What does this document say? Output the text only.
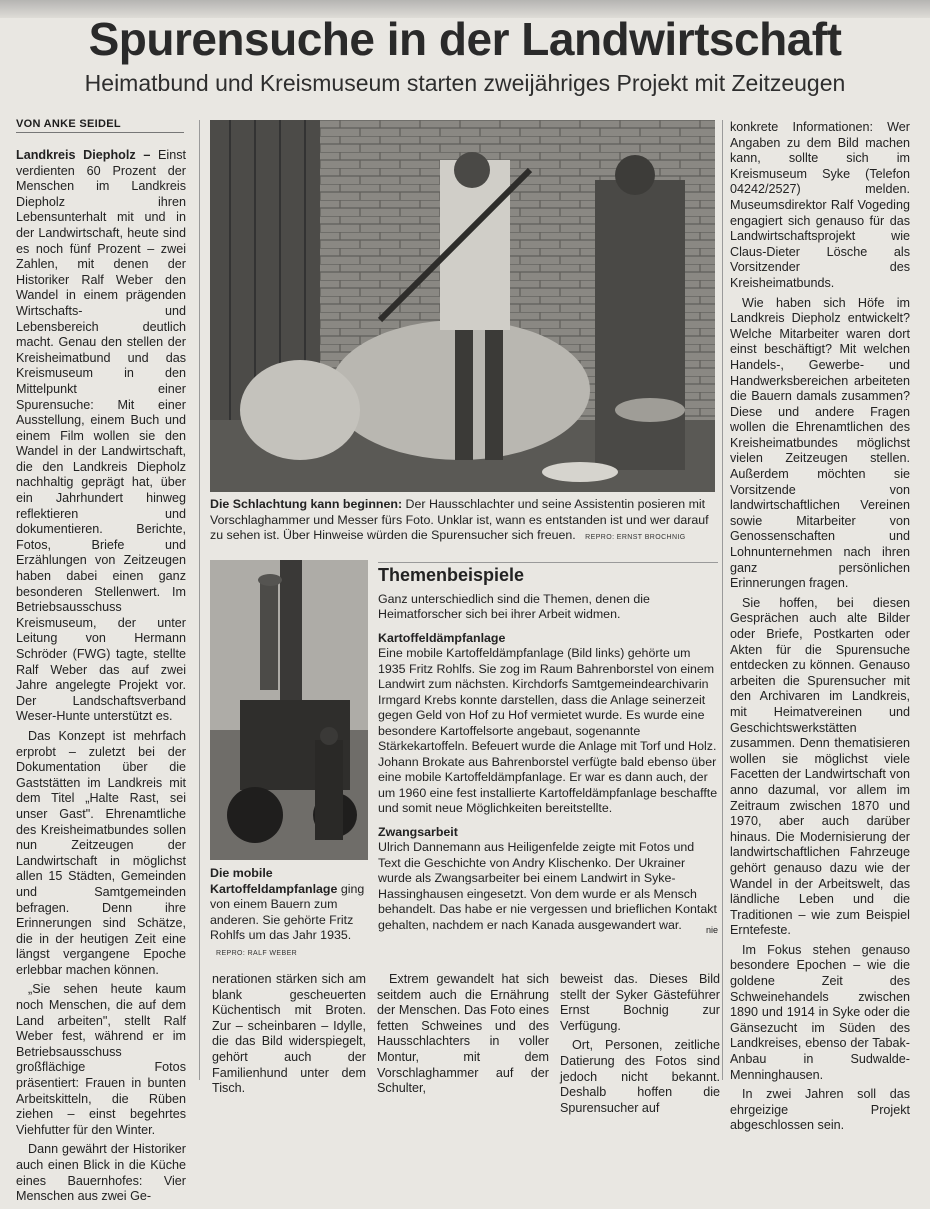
Spurensuche in der Landwirtschaft
Heimatbund und Kreismuseum starten zweijähriges Projekt mit Zeitzeugen
VON ANKE SEIDEL

Landkreis Diepholz – Einst verdienten 60 Prozent der Menschen im Landkreis Diepholz ihren Lebensunterhalt mit und in der Landwirtschaft, heute sind es noch fünf Prozent – zwei Zahlen, mit denen der Historiker Ralf Weber den Wandel in einem prägenden Wirtschafts- und Lebensbereich deutlich macht. Genau den stellen der Kreisheimatbund und das Kreismuseum in den Mittelpunkt einer Spurensuche: Mit einer Ausstellung, einem Buch und einem Film wollen sie den Wandel in der Landwirtschaft, die den Landkreis Diepholz nachhaltig geprägt hat, über ein Jahrhundert hinweg reflektieren und dokumentieren. Berichte, Fotos, Briefe und Erzählungen von Zeitzeugen haben dabei einen ganz besonderen Stellenwert. Im Betriebsausschuss Kreismuseum, der unter Leitung von Hermann Schröder (FWG) tagte, stellte Ralf Weber das auf zwei Jahre angelegte Projekt vor. Der Landschaftsverband Weser-Hunte unterstützt es.

Das Konzept ist mehrfach erprobt – zuletzt bei der Dokumentation über die Gaststätten im Landkreis mit dem Titel „Halte Rast, sei unser Gast". Ehrenamtliche des Kreisheimatbundes sollen nun Zeitzeugen der Landwirtschaft in möglichst allen 15 Städten, Gemeinden und Samtgemeinden befragen. Denn ihre Erinnerungen sind Schätze, die in der heutigen Zeit eine längst vergangene Epoche erlebbar machen können.

„Sie sehen heute kaum noch Menschen, die auf dem Land arbeiten", stellt Ralf Weber fest, während er im Betriebsausschuss großflächige Fotos präsentiert: Frauen in bunten Arbeitskitteln, die Rüben ziehen – einst begehrtes Viehfutter für den Winter.

Dann gewährt der Historiker auch einen Blick in die Küche eines Bauernhofes: Vier Menschen aus zwei Ge-

Die Schlachtung kann beginnen: Der Hausschlachter und seine Assistentin posieren mit Vorschlaghammer und Messer fürs Foto. Unklar ist, wann es entstanden ist und wer darauf zu sehen ist. Über Hinweise würden die Spurensucher sich freuen. REPRO: ERNST BROCHNIG
Die mobile Kartoffeldampfanlage ging von einem Bauern zum anderen. Sie gehörte Fritz Rohlfs um das Jahr 1935. REPRO: RALF WEBER
Themenbeispiele

Ganz unterschiedlich sind die Themen, denen die Heimatforscher sich bei ihrer Arbeit widmen.

Kartoffeldämpfanlage

Eine mobile Kartoffeldämpfanlage (Bild links) gehörte um 1935 Fritz Rohlfs. Sie zog im Raum Bahrenborstel von einem Landwirt zum nächsten. Kirchdorfs Samtgemeindearchivarin Irmgard Krebs konnte darstellen, dass die Anlage seinerzeit gegen Geld von Hof zu Hof vermietet wurde. Es wurde eine besondere Kartoffelsorte angebaut, sogenannte Stärkekartoffeln. Befeuert wurde die Anlage mit Torf und Holz. Johann Brokate aus Bahrenborstel verfügte bald ebenso über eine mobile Kartoffeldämpfanlage. Er war es dann auch, der um 1960 eine fest installierte Kartoffeldämpfanlage beschaffte und somit neue Möglichkeiten bereitstellte.

Zwangsarbeit

Ulrich Dannemann aus Heiligenfelde zeigte mit Fotos und Text die Geschichte von Andry Klischenko. Der Ukrainer wurde als Zwangsarbeiter bei einem Landwirt in Syke-Hassinghausen eingesetzt. Von dem wurde er als Mensch behandelt. Das habe er nie vergessen und brieflichen Kontakt gehalten, nachdem er nach Kanada ausgewandert war.	nie

nerationen stärken sich am blank gescheuerten Küchentisch mit Broten. Zur – scheinbaren – Idylle, die das Bild widerspiegelt, gehört auch der Familienhund unter dem Tisch.

Extrem gewandelt hat sich seitdem auch die Ernährung der Menschen. Das Foto eines fetten Schweines und des Hausschlachters in voller Montur, mit dem Vorschlaghammer auf der Schulter,

beweist das. Dieses Bild stellt der Syker Gästeführer Ernst Bochnig zur Verfügung.

Ort, Personen, zeitliche Datierung des Fotos sind jedoch nicht bekannt. Deshalb hoffen die Spurensucher auf

konkrete Informationen: Wer Angaben zu dem Bild machen kann, sollte sich im Kreismuseum Syke (Telefon 04242/2527) melden. Museumsdirektor Ralf Vogeding engagiert sich genauso für das Landwirtschaftsprojekt wie Claus-Dieter Lösche als Vorsitzender des Kreisheimatbunds.

Wie haben sich Höfe im Landkreis Diepholz entwickelt? Welche Mitarbeiter waren dort einst beschäftigt? Mit welchen Handels-, Gewerbe- und Handwerksbereichen arbeiteten die Bauern damals zusammen? Diese und andere Fragen wollen die Ehrenamtlichen des Kreisheimatbundes möglichst vielen Zeitzeugen stellen. Außerdem möchten sie Vorsitzende von landwirtschaftlichen Vereinen sowie Mitarbeiter von Genossenschaften und Lohnunternehmen nach ihren ganz persönlichen Erinnerungen fragen.

Sie hoffen, bei diesen Gesprächen auch alte Bilder oder Briefe, Postkarten oder Akten für die Spurensuche entdecken zu können. Genauso arbeiten die Spurensucher mit den Archivaren im Landkreis, mit Heimatvereinen und Geschichtswerkstätten zusammen. Denn thematisieren wollen sie möglichst viele Facetten der Landwirtschaft von anno dazumal, vor allem im Zeitraum zwischen 1870 und 1970, aber auch darüber hinaus. Die Modernisierung der landwirtschaftlichen Fahrzeuge gehört genauso dazu wie der Wandel in der Arbeitswelt, das ländliche Leben und die Traditionen – wie zum Beispiel Erntefeste.

Im Fokus stehen genauso besondere Epochen – wie die goldene Zeit des Schweinehandels zwischen 1890 und 1914 in Syke oder die Gänsezucht im Süden des Landkreises, ebenso der Tabak-Anbau in Sudwalde-Menninghausen.

In zwei Jahren soll das ehrgeizige Projekt abgeschlossen sein.
